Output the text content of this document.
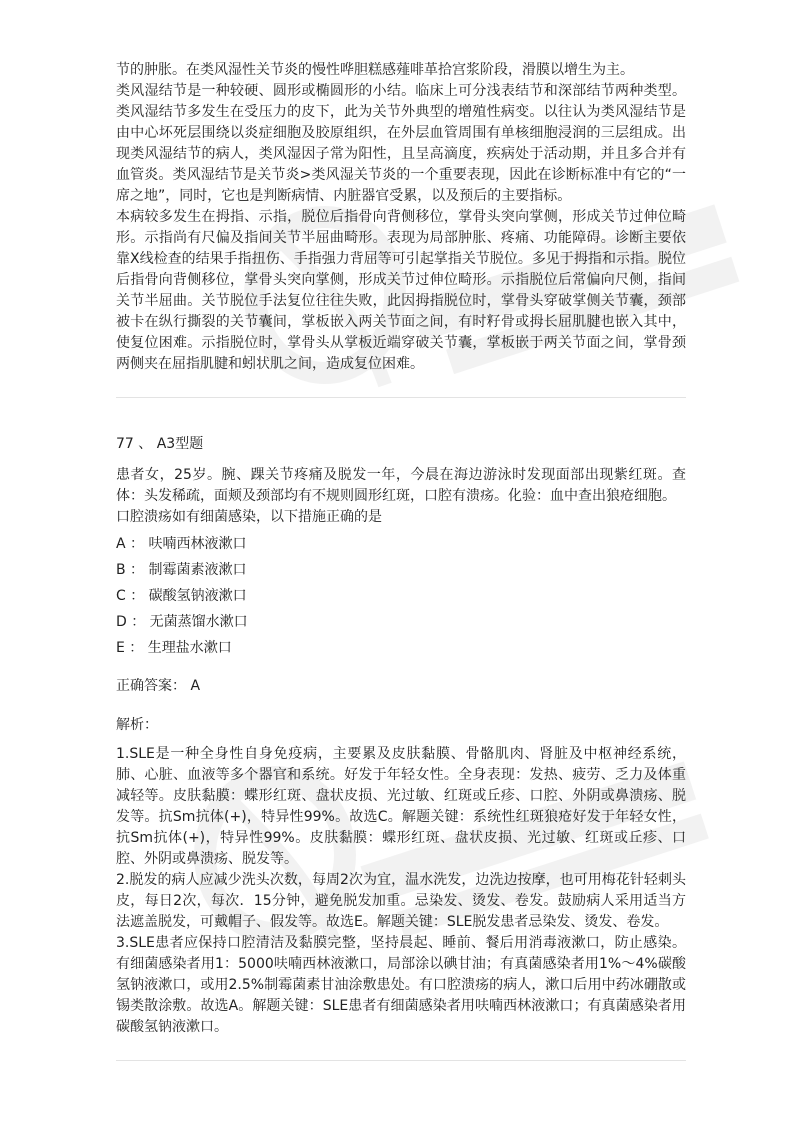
节的肿胀。在类风湿性关节炎的慢性哗胆糕感薤啡革拾宫浆阶段，滑膜以增生为主。

类风湿结节是一种较硬、圆形或椭圆形的小结。临床上可分浅表结节和深部结节两种类型。类风湿结节多发生在受压力的皮下，此为关节外典型的增殖性病变。以往认为类风湿结节是由中心坏死层围绕以炎症细胞及胶原组织，在外层血管周围有单核细胞浸润的三层组成。出现类风湿结节的病人，类风湿因子常为阳性，且呈高滴度，疾病处于活动期，并且多合并有血管炎。类风湿结节是关节炎>类风湿关节炎的一个重要表现，因此在诊断标准中有它的“一席之地”，同时，它也是判断病情、内脏器官受累，以及预后的主要指标。

本病较多发生在拇指、示指，脱位后指骨向背侧移位，掌骨头突向掌侧，形成关节过伸位畸形。示指尚有尺偏及指间关节半屈曲畸形。表现为局部肿胀、疼痛、功能障碍。诊断主要依靠X线检查的结果手指扭伤、手指强力背屈等可引起掌指关节脱位。多见于拇指和示指。脱位后指骨向背侧移位，掌骨头突向掌侧，形成关节过伸位畸形。示指脱位后常偏向尺侧，指间关节半屈曲。关节脱位手法复位往往失败，此因拇指脱位时，掌骨头穿破掌侧关节囊，颈部被卡在纵行撕裂的关节囊间，掌板嵌入两关节面之间，有时籽骨或拇长屈肌腱也嵌入其中，使复位困难。示指脱位时，掌骨头从掌板近端穿破关节囊，掌板嵌于两关节面之间，掌骨颈两侧夹在屈指肌腱和蚓状肌之间，造成复位困难。

77 、 A3型题

患者女，25岁。腕、踝关节疼痛及脱发一年，今晨在海边游泳时发现面部出现紫红斑。查体：头发稀疏，面颊及颈部均有不规则圆形红斑，口腔有溃疡。化验：血中查出狼疮细胞。

口腔溃疡如有细菌感染，以下措施正确的是

A ： 呋喃西林液漱口

B ： 制霉菌素液漱口

C ： 碳酸氢钠液漱口

D ： 无菌蒸馏水漱口

E ： 生理盐水漱口

正确答案： A

解析：

1.SLE是一种全身性自身免疫病，主要累及皮肤黏膜、骨骼肌肉、肾脏及中枢神经系统，肺、心脏、血液等多个器官和系统。好发于年轻女性。全身表现：发热、疲劳、乏力及体重减轻等。皮肤黏膜：蝶形红斑、盘状皮损、光过敏、红斑或丘疹、口腔、外阴或鼻溃疡、脱发等。抗Sm抗体(+)，特异性99%。故选C。解题关键：系统性红斑狼疮好发于年轻女性，抗Sm抗体(+)，特异性99%。皮肤黏膜：蝶形红斑、盘状皮损、光过敏、红斑或丘疹、口腔、外阴或鼻溃疡、脱发等。

2.脱发的病人应减少洗头次数，每周2次为宜，温水洗发，边洗边按摩，也可用梅花针轻刺头皮，每日2次，每次．15分钟，避免脱发加重。忌染发、烫发、卷发。鼓励病人采用适当方法遮盖脱发，可戴帽子、假发等。故选E。解题关键：SLE脱发患者忌染发、烫发、卷发。

3.SLE患者应保持口腔清洁及黏膜完整，坚持晨起、睡前、餐后用消毒液漱口，防止感染。有细菌感染者用1：5000呋喃西林液漱口，局部涂以碘甘油；有真菌感染者用1%～4%碳酸氢钠液漱口，或用2.5%制霉菌素甘油涂敷患处。有口腔溃疡的病人，漱口后用中药冰硼散或锡类散涂敷。故选A。解题关键：SLE患者有细菌感染者用呋喃西林液漱口；有真菌感染者用碳酸氢钠液漱口。
